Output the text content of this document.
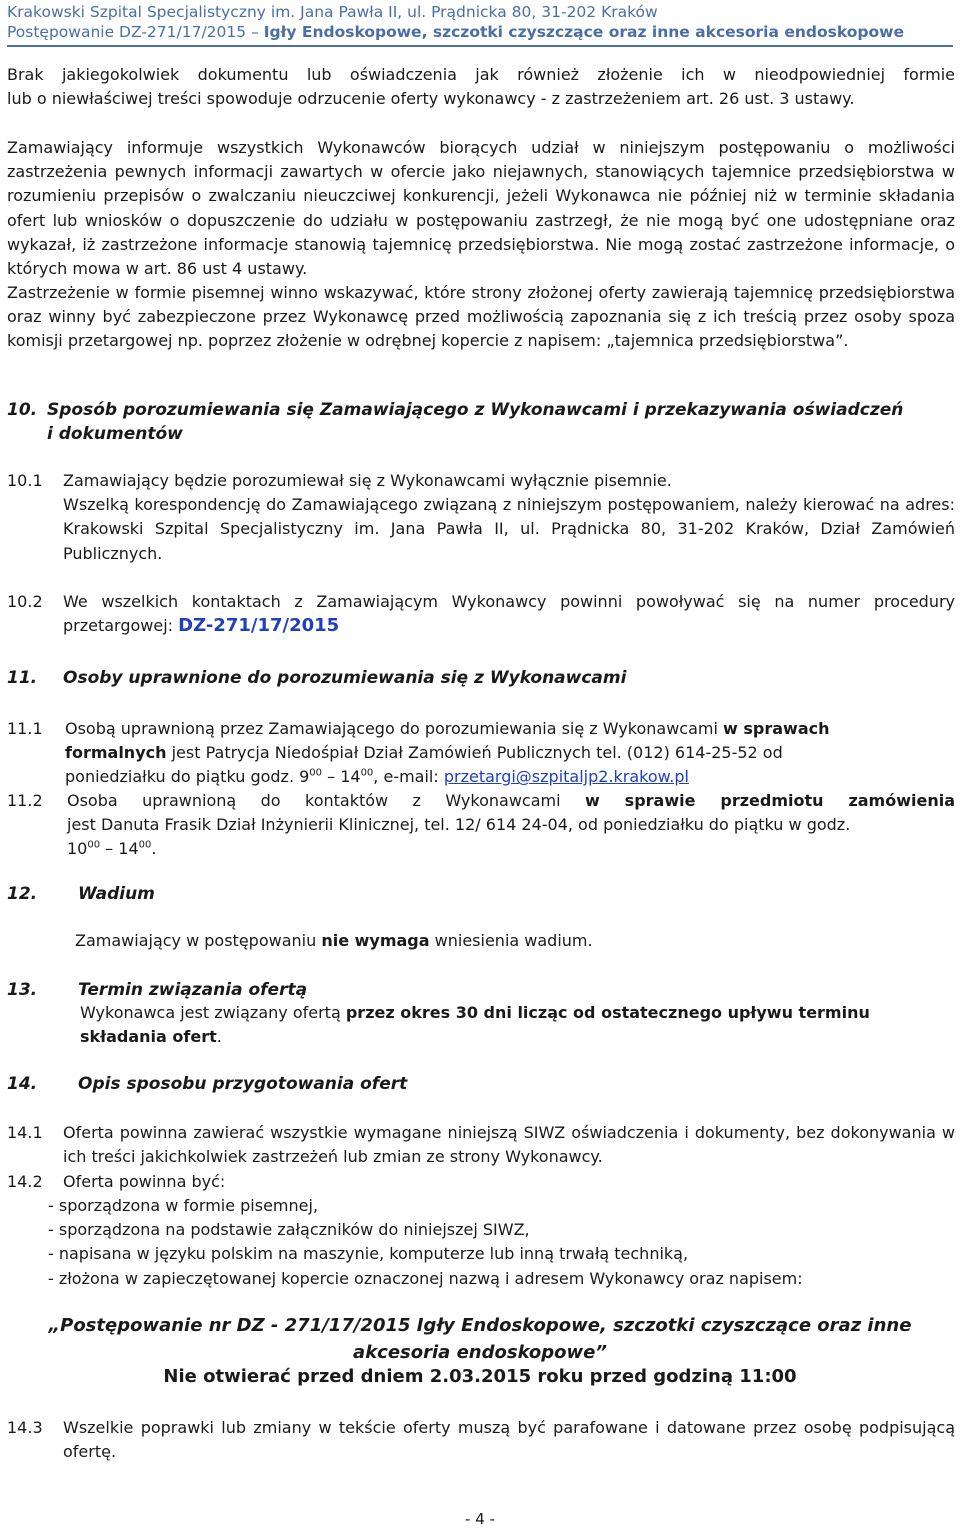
Krakowski Szpital Specjalistyczny im. Jana Pawła II, ul. Prądnicka 80, 31-202 Kraków
Postępowanie DZ-271/17/2015 – Igły Endoskopowe, szczotki czyszczące oraz inne akcesoria endoskopowe
Brak jakiegokolwiek dokumentu lub oświadczenia jak również złożenie ich w nieodpowiedniej formie
lub o niewłaściwej treści spowoduje odrzucenie oferty wykonawcy - z zastrzeżeniem art. 26 ust. 3 ustawy.
Zamawiający informuje wszystkich Wykonawców biorących udział w niniejszym postępowaniu o możliwości zastrzeżenia pewnych informacji zawartych w ofercie jako niejawnych, stanowiących tajemnice przedsiębiorstwa w rozumieniu przepisów o zwalczaniu nieuczciwej konkurencji, jeżeli Wykonawca nie później niż w terminie składania ofert lub wniosków o dopuszczenie do udziału w postępowaniu zastrzegł, że nie mogą być one udostępniane oraz wykazał, iż zastrzeżone informacje stanowią tajemnicę przedsiębiorstwa. Nie mogą zostać zastrzeżone informacje, o których mowa w art. 86 ust 4 ustawy.
Zastrzeżenie w formie pisemnej winno wskazywać, które strony złożonej oferty zawierają tajemnicę przedsiębiorstwa oraz winny być zabezpieczone przez Wykonawcę przed możliwością zapoznania się z ich treścią przez osoby spoza komisji przetargowej np. poprzez złożenie w odrębnej kopercie z napisem: „tajemnica przedsiębiorstwa”.
10. Sposób porozumiewania się Zamawiającego z Wykonawcami i przekazywania oświadczeń
i dokumentów
10.1 Zamawiający będzie porozumiewał się z Wykonawcami wyłącznie pisemnie.
Wszelką korespondencję do Zamawiającego związaną z niniejszym postępowaniem, należy kierować na adres: Krakowski Szpital Specjalistyczny im. Jana Pawła II, ul. Prądnicka 80, 31-202 Kraków, Dział Zamówień Publicznych.
10.2 We wszelkich kontaktach z Zamawiającym Wykonawcy powinni powoływać się na numer procedury
przetargowej: DZ-271/17/2015
11. Osoby uprawnione do porozumiewania się z Wykonawcami
11.1 Osobą uprawnioną przez Zamawiającego do porozumiewania się z Wykonawcami w sprawach
formalnych jest Patrycja Niedośpiał Dział Zamówień Publicznych tel. (012) 614-25-52 od
poniedziałku do piątku godz. $9^{00} - 14^{00}$, e-mail: przetargi@szpitaljp2.krakow.pl
11.2 Osoba uprawnioną do kontaktów z Wykonawcami w sprawie przedmiotu zamówienia
jest Danuta Frasik Dział Inżynierii Klinicznej, tel. 12/ 614 24-04, od poniedziałku do piątku w godz.
$10^{00} - 14^{00}$.
12. Wadium
Zamawiający w postępowaniu nie wymaga wniesienia wadium.
13. Termin związania ofertą
Wykonawca jest związany ofertą przez okres 30 dni licząc od ostatecznego upływu terminu
składania ofert.
14. Opis sposobu przygotowania ofert
14.1 Oferta powinna zawierać wszystkie wymagane niniejszą SIWZ oświadczenia i dokumenty, bez dokonywania w ich treści jakichkolwiek zastrzeżeń lub zmian ze strony Wykonawcy.
14.2 Oferta powinna być:
- sporządzona w formie pisemnej,
- sporządzona na podstawie załączników do niniejszej SIWZ,
- napisana w języku polskim na maszynie, komputerze lub inną trwałą techniką,
- złożona w zapieczętowanej kopercie oznaczonej nazwą i adresem Wykonawcy oraz napisem:
„Postępowanie nr DZ - 271/17/2015 Igły Endoskopowe, szczotki czyszczące oraz inne
akcesoria endoskopowe”
Nie otwierać przed dniem 2.03.2015 roku przed godziną 11:00
14.3 Wszelkie poprawki lub zmiany w tekście oferty muszą być parafowane i datowane przez osobę podpisującą ofertę.
- 4 -
